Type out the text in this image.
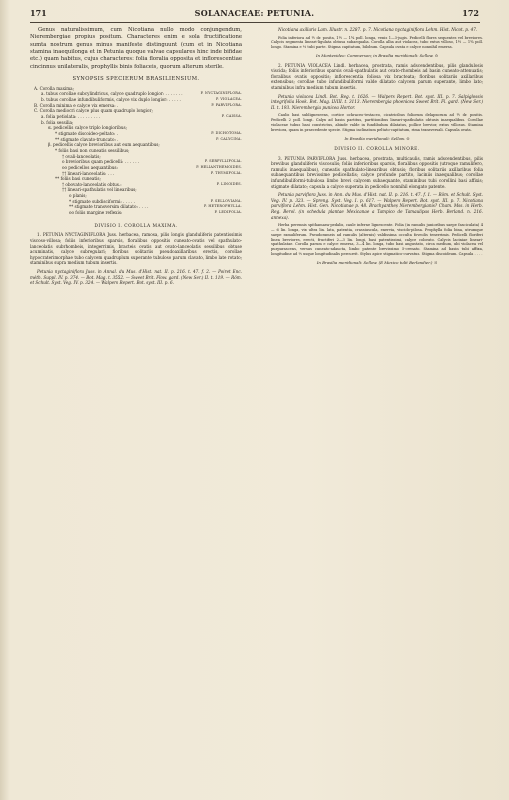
171	SOLANACEAE: PETUNIA.	172

Genus naturalissimum, cum Nicotiana nullo modo conjungendum, Nierembergiae propius positum. Characteres enim e sola fructificatione sumta nostrum genus minus manifeste distinguunt (cum et in Nicotiana stamina inaequilonga et in Petunia quoque valvae capsulares hinc inde bifidae etc.) quam habitus, cujus characteres: folia floralia opposita et inflorescentiae cincinnus unilateralis, prophyllis binis foliaceis, quorum alterum sterile.

SYNOPSIS SPECIERUM BRASILIENSIUM.
A. Corolla maxima;
a. tubus corollae subcylindricus, calyce quadruplo longior: . . . . . . .	P. NYCTAGINIFLORA.
b. tubus corollae infundibuliformis, calyce vix duplo longior: . . . . .	P. VIOLACEA.
B. Corolla minima e calyce vix emersa: .	P. PARVIFLORA.
C. Corolla mediocri calyce plus quam quadruplo longior;
a. folia petiolata: . . . . . . . . .	P. CAISSA.
b. folia sessilia;
α. pedicellis calyce triplo longioribus;
* stigmate discoideo-peltato: .	P. DICHOTOMA.
** stigmate clavato-truncato: .	P. CALYCINA.
β. pedicellis calyce brevioribus aut eum aequantibus;
* foliis basi non cuneatis sessilibus;
† ovali-lanceolatis;
o brevioribus quam pedicelli: . . . . . .	P. SERPYLLIFOLIA.
oo pedicellos aequantibus:	P. HELIANTHEMOIDES.
†† lineari-lanceolatis: . . .	P. THYMIFOLIA.
** foliis basi cuneatis;
† obovato-lanceolatis obtus.:	P. LINOIDES.
†† lineari-spathulatis vel linearibus;
o planis;
* stigmate subdisciformi: . . . . .	P. SELLOVIANA.
** stigmate transversim dilatato: . . . .	P. HETEROPHYLLA.
oo foliis margine reflexis:	P. LEDIFOLIA.
DIVISIO I. COROLLA MAXIMA.

1. PETUNIA NYCTAGINIFLORA Juss. herbacea, ramosa, pilis longis glanduliferis patentissimis viscoso-villosa; foliis inferioribus sparsis, floralibus oppositis cuneato-ovatis vel spathulato-lanceolatis subrhombeis, integerrimis, bracteis ovatis aut ovato-lanceolatis sessilibus obtuse acuminatis, calyce subregulari; floribus solitariis pseudoaxillaribus erectis, corollae hypocraterimorphae tubo calycem quadruplum superante tubuloso parum clavato, limbo late rotato; staminibus supra medium tubum insertis.

Petunia nyctaginiflora Juss. in Annal. du Mus. d'Hist. nat. II. p. 216. t. 47. f. 2. — Poiret Enc. méth. Suppl. IV. p. 374. — Bot. Mag. t. 3552. — Sweet Brit. Flow. gard. (New Ser.) II. t. 119. — Röm. et Schult. Syst. Veg. IV. p. 324. — Walpers Repert. Bot. syst. III. p. 6.

Nicotiana axillaris Lam. Illustr. n. 2287. p. 7. Nicotiana nyctaginiflora Lehm. Hist. Nicot. p. 47.

Folia inferiora ad ½ dr. posita, 1½ — 1¾ poll. longa, venis 1—3-jugis. Pedicelli flores sequentes vel breviores. Calycis segmenta lineari-ligulata obtusa subaequalia. Corolla alba aut violacea, tubo extus villoso, 1½ — 1¾ poll. longo. Stamina e ⅔ tubi parte. Stigma capitatum, bilobum. Capsula ovata e calyce nonnihil emersa.

In Montevideo: Commerson; in Brasilia meridionali: Sellow. ⊙

2. PETUNIA VIOLACEA Lindl. herbacea, prostrata, ramis adscendentibus, pilis glandulosis viscida; foliis inferioribus sparsis ovali-spathulatis aut ovato-rhombeis ad basin cuneato-attenuatis; floralibus ovatis oppositis; inflorescentia foliosa vix bracteata; floribus solitariis axillaribus extensibus; corollae tubo infundibuliformi valde dilatato calycem parum superante, limbo lato; staminibus infra medium tubum insertis.

Petunia violacea Lindl. Bot. Reg. t. 1626. — Walpers Repert. Bot. syst. III. p. 7. Salpiglossis integrifolia Hook. Bot. Mag. LVIII. t. 3113. Nierembergia phoenicea Sweet Brit. Fl. gard. (New Ser.) II. t. 193. Nierembergia punicea Hortor.

Caulis basi subligneseens, cortice ochraceo-testaceo, cicatricibus foliorum delapsorum ad ½ dr. positis. Pedicelli 2 poll. longi. Calyx ad basin partitus, partitionibus lineari-spathulatis obtusis inaequalibus. Corollae violaceae tubus basi constrictus, abinde valde in fundibulum dilatatus, pollice brevior, extus villosus. Stamina breviora, quam in praecedente specie. Stigma inclinatum peltato-capitatum, rima transversali. Capsula ovata.

In Brasilia meridionali: Sellow. ⊙

DIVISIO II. COROLLA MINORE.

3. PETUNIA PARVIFLORA Juss. herbacea, prostrata, multicaulis, ramis adscendentibus, pilis brevibus glanduliferis viscosulis; foliis inferioribus sparsis, floralibus oppositis (utroque ramulifero, ramulis inaequalibus), cuneatis spathulato-linearibus obtusis; floribus solitariis axillaribus folia subaequantibus brevissime pedicellatis; calyce profunde partito, laciniis inaequalibus; corollae infundibuliformi-tubulosa limbo brevi calycem subaequante, staminibus tubi corollini basi affixis; stigmate dilatato; capsula a calyce superata in pedicello nonnihil elongato patente.

Petunia parviflora Juss. in Ann. du Mus. d'Hist. nat. II. p. 216. t. 47. f. 1. — Röm. et Schult. Syst. Veg. IV. p. 323. — Spreng. Syst. Veg. I. p. 617. — Walpers Repert. Bot. syst. III. p. 7. Nicotiana parviflora Lehm. Hist. Gen. Nicotianae p. 48. Brachyantheș Nierembergianis? Cham. Mss. in Herb. Reg. Berol. (in schedula plantae Mexicanae a Tampico de Tamaulipas Herb. Berland. n. 216. annexa).

Herba perennis spithamaea-pedalis, caule inferne lignescente. Folia (in ramulis junioribus saepe fasciculata) 4 — 6 lin. longa, vix ultra lin. lata, patentia, crassiuscula, enervia, viscido-pilosa. Prophylla folia bina, utrumque saepe ramuliferum. Pseudorameis ad ramulis (alternis) valdissima occulta foveolis tenerrimis. Pedicelli floriferi linea breviores, erecti, fructiferi 2—3 lin. longi, basi patentissimi, calyce colorato. Calycis laciniae lineari-spathulatae. Corolla parum e calyce emersa, 3—4 lin. longa, tubo basi angustato, circa medium, ubi violacea vel purpurascens, versus cuneato-adaucta, limbo patente brevissimo 5-crenato. Stamina ad basin tubi affixa, longitudine ad ⅔ usque longitudinalis percurrit. Stylus apice stigmatico-curvatus. Stigma discoideum. Capsula . . . .

In Brasilia meridionali: Sellow. (E Mexico tulit Berlandier.) ♃
